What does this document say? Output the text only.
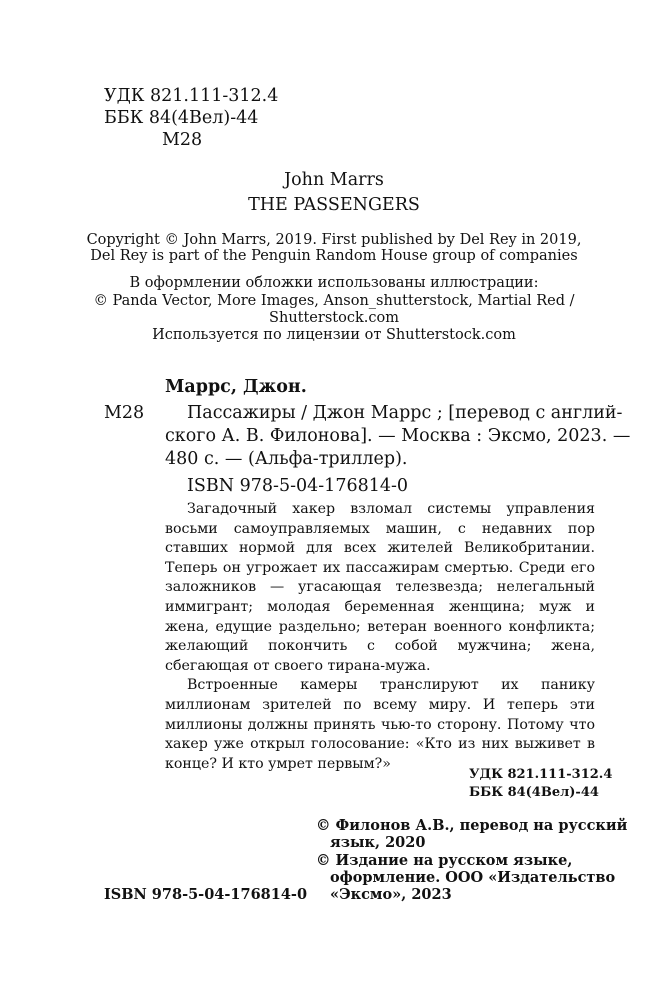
УДК 821.111-312.4
ББК 84(4Вел)-44
М28
John Marrs
THE PASSENGERS
Copyright © John Marrs, 2019. First published by Del Rey in 2019,
Del Rey is part of the Penguin Random House group of companies
В оформлении обложки использованы иллюстрации:
© Panda Vector, More Images, Anson_shutterstock, Martial Red /
Shutterstock.com
Используется по лицензии от Shutterstock.com
Маррс, Джон.
М28 Пассажиры / Джон Маррс ; [перевод с англий-
ского А. В. Филонова]. — Москва : Эксмо, 2023. —
480 с. — (Альфа-триллер).
ISBN 978-5-04-176814-0

Загадочный хакер взломал системы управления восьми самоуправляемых машин, с недавних пор ставших нормой для всех жителей Великобритании. Теперь он угрожает их пассажирам смертью. Среди его заложников — угасающая телезвезда; нелегальный иммигрант; молодая беременная женщина; муж и жена, едущие раздельно; ветеран военного конфликта; желающий покончить с собой мужчина; жена, сбегающая от своего тирана-мужа.

Встроенные камеры транслируют их панику миллионам зрителей по всему миру. И теперь эти миллионы должны принять чью-то сторону. Потому что хакер уже открыл голосование: «Кто из них выживет в конце? И кто умрет первым?»

УДК 821.111-312.4
ББК 84(4Вел)-44
© Филонов А.В., перевод на русский
язык, 2020
© Издание на русском языке,
оформление. ООО «Издательство
«Эксмо», 2023
ISBN 978-5-04-176814-0
